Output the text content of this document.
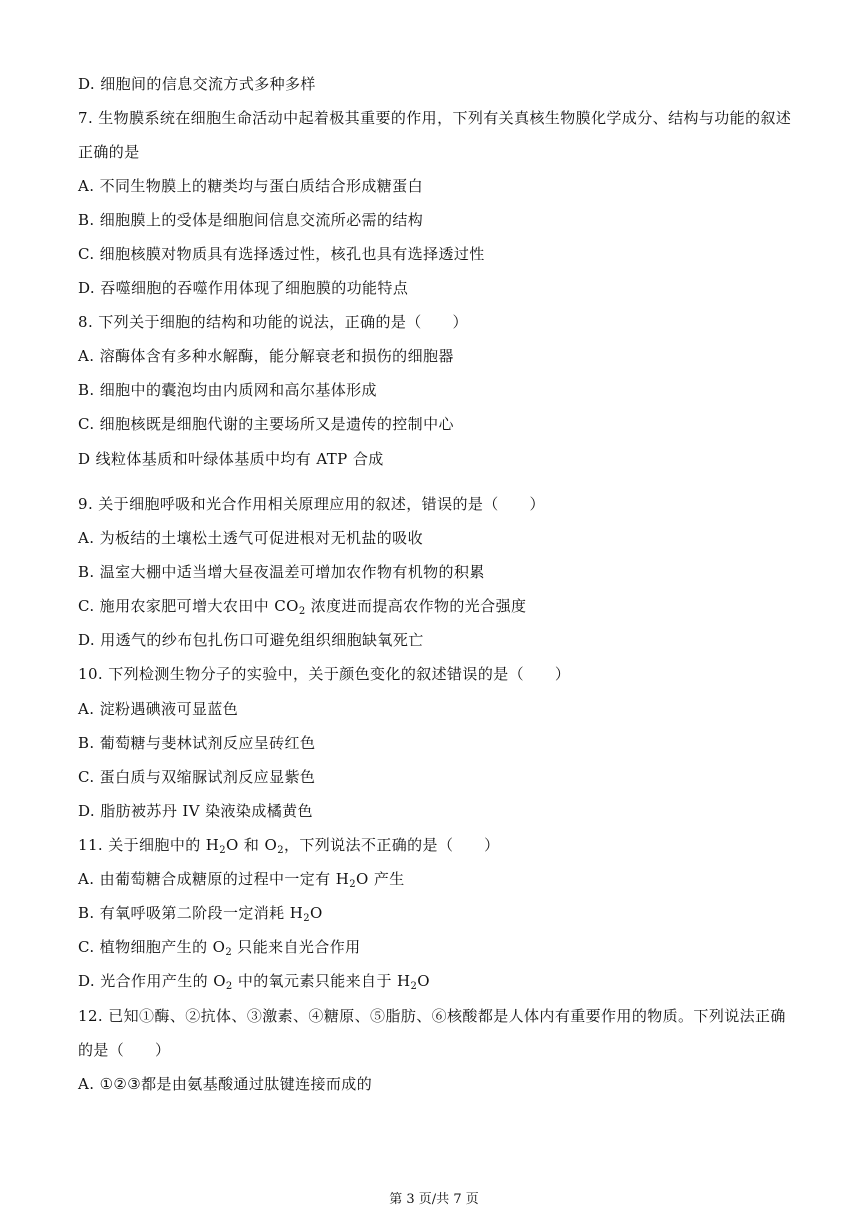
D. 细胞间的信息交流方式多种多样
7. 生物膜系统在细胞生命活动中起着极其重要的作用，下列有关真核生物膜化学成分、结构与功能的叙述
正确的是
A. 不同生物膜上的糖类均与蛋白质结合形成糖蛋白
B. 细胞膜上的受体是细胞间信息交流所必需的结构
C. 细胞核膜对物质具有选择透过性，核孔也具有选择透过性
D. 吞噬细胞的吞噬作用体现了细胞膜的功能特点
8. 下列关于细胞的结构和功能的说法，正确的是（　　）
A. 溶酶体含有多种水解酶，能分解衰老和损伤的细胞器
B. 细胞中的囊泡均由内质网和高尔基体形成
C. 细胞核既是细胞代谢的主要场所又是遗传的控制中心
D 线粒体基质和叶绿体基质中均有 ATP 合成
9. 关于细胞呼吸和光合作用相关原理应用的叙述，错误的是（　　）
A. 为板结的土壤松土透气可促进根对无机盐的吸收
B. 温室大棚中适当增大昼夜温差可增加农作物有机物的积累
C. 施用农家肥可增大农田中 $CO_2$ 浓度进而提高农作物的光合强度
D. 用透气的纱布包扎伤口可避免组织细胞缺氧死亡
10. 下列检测生物分子的实验中，关于颜色变化的叙述错误的是（　　）
A. 淀粉遇碘液可显蓝色
B. 葡萄糖与斐林试剂反应呈砖红色
C. 蛋白质与双缩脲试剂反应显紫色
D. 脂肪被苏丹 IV 染液染成橘黄色
11. 关于细胞中的 $H_2O$ 和 $O_2$，下列说法不正确的是（　　）
A. 由葡萄糖合成糖原的过程中一定有 $H_2O$ 产生
B. 有氧呼吸第二阶段一定消耗 $H_2O$
C. 植物细胞产生的 $O_2$ 只能来自光合作用
D. 光合作用产生的 $O_2$ 中的氧元素只能来自于 $H_2O$
12. 已知①酶、②抗体、③激素、④糖原、⑤脂肪、⑥核酸都是人体内有重要作用的物质。下列说法正确
的是（　　）
A. ①②③都是由氨基酸通过肽键连接而成的
第 3 页/共 7 页
